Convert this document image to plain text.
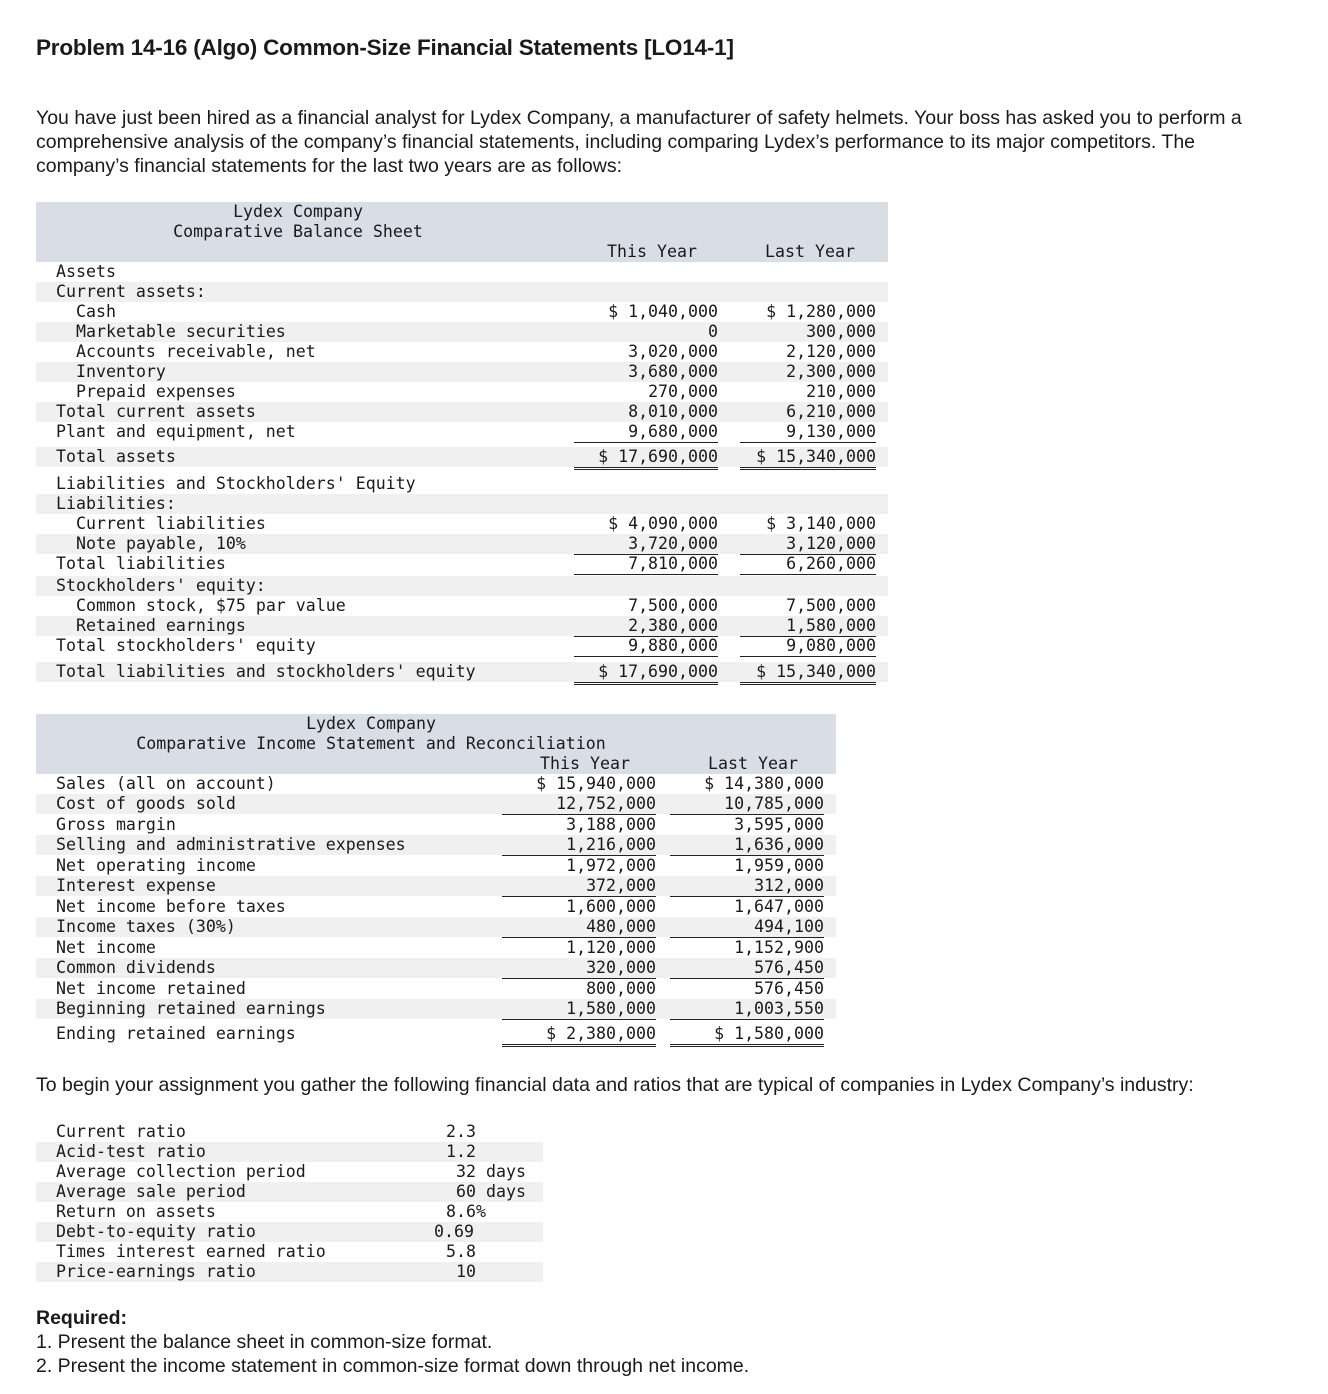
Problem 14-16 (Algo) Common-Size Financial Statements [LO14-1]
You have just been hired as a financial analyst for Lydex Company, a manufacturer of safety helmets. Your boss has asked you to perform a comprehensive analysis of the company’s financial statements, including comparing Lydex’s performance to its major competitors. The company’s financial statements for the last two years are as follows:
Lydex Company
Comparative Balance Sheet
This Year	Last Year
Assets
Current assets:
Cash	$ 1,040,000	$ 1,280,000
Marketable securities	0	300,000
Accounts receivable, net	3,020,000	2,120,000
Inventory	3,680,000	2,300,000
Prepaid expenses	270,000	210,000
Total current assets	8,010,000	6,210,000
Plant and equipment, net	9,680,000	9,130,000
Total assets	$ 17,690,000	$ 15,340,000
Liabilities and Stockholders' Equity
Liabilities:
Current liabilities	$ 4,090,000	$ 3,140,000
Note payable, 10%	3,720,000	3,120,000
Total liabilities	7,810,000	6,260,000
Stockholders' equity:
Common stock, $75 par value	7,500,000	7,500,000
Retained earnings	2,380,000	1,580,000
Total stockholders' equity	9,880,000	9,080,000
Total liabilities and stockholders' equity	$ 17,690,000	$ 15,340,000
Lydex Company
Comparative Income Statement and Reconciliation
This Year	Last Year
Sales (all on account)	$ 15,940,000	$ 14,380,000
Cost of goods sold	12,752,000	10,785,000
Gross margin	3,188,000	3,595,000
Selling and administrative expenses	1,216,000	1,636,000
Net operating income	1,972,000	1,959,000
Interest expense	372,000	312,000
Net income before taxes	1,600,000	1,647,000
Income taxes (30%)	480,000	494,100
Net income	1,120,000	1,152,900
Common dividends	320,000	576,450
Net income retained	800,000	576,450
Beginning retained earnings	1,580,000	1,003,550
Ending retained earnings	$ 2,380,000	$ 1,580,000
To begin your assignment you gather the following financial data and ratios that are typical of companies in Lydex Company’s industry:
Current ratio	2.3
Acid-test ratio	1.2
Average collection period	32 days
Average sale period	60 days
Return on assets	8.6%
Debt-to-equity ratio	0.69
Times interest earned ratio	5.8
Price-earnings ratio	10
Required:
1. Present the balance sheet in common-size format.
2. Present the income statement in common-size format down through net income.
